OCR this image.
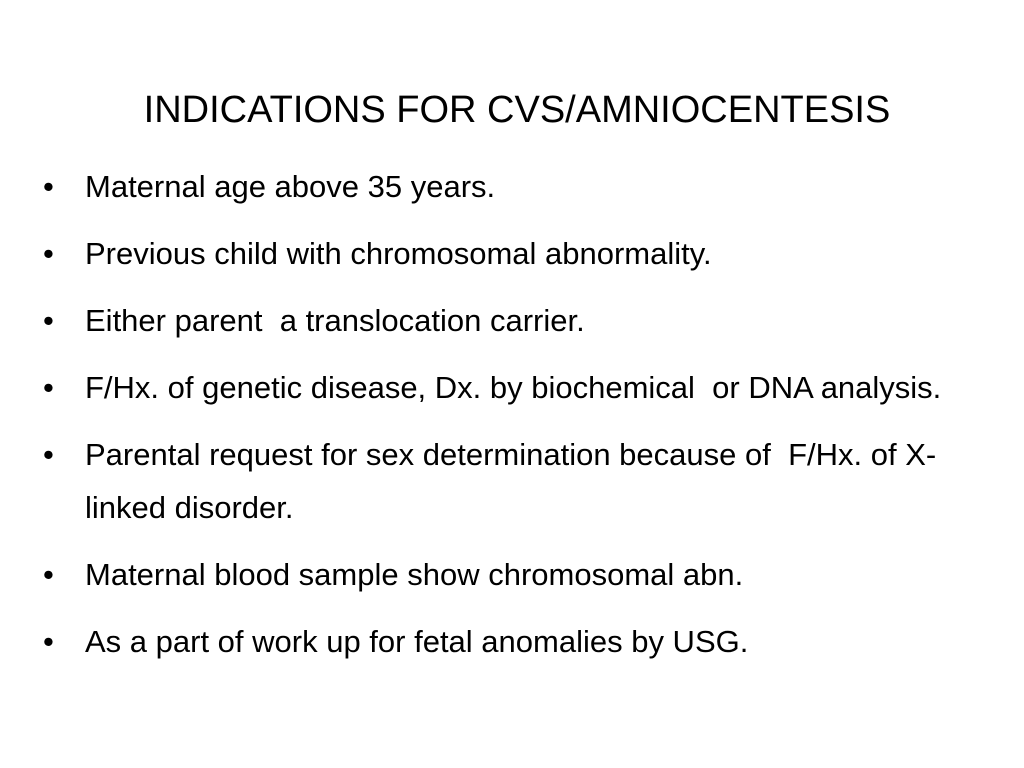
INDICATIONS FOR CVS/AMNIOCENTESIS
• Maternal age above 35 years.
• Previous child with chromosomal abnormality.
• Either parent  a translocation carrier.
• F/Hx. of genetic disease, Dx. by biochemical  or DNA analysis.
• Parental request for sex determination because of  F/Hx. of X-linked disorder.
• Maternal blood sample show chromosomal abn.
• As a part of work up for fetal anomalies by USG.
